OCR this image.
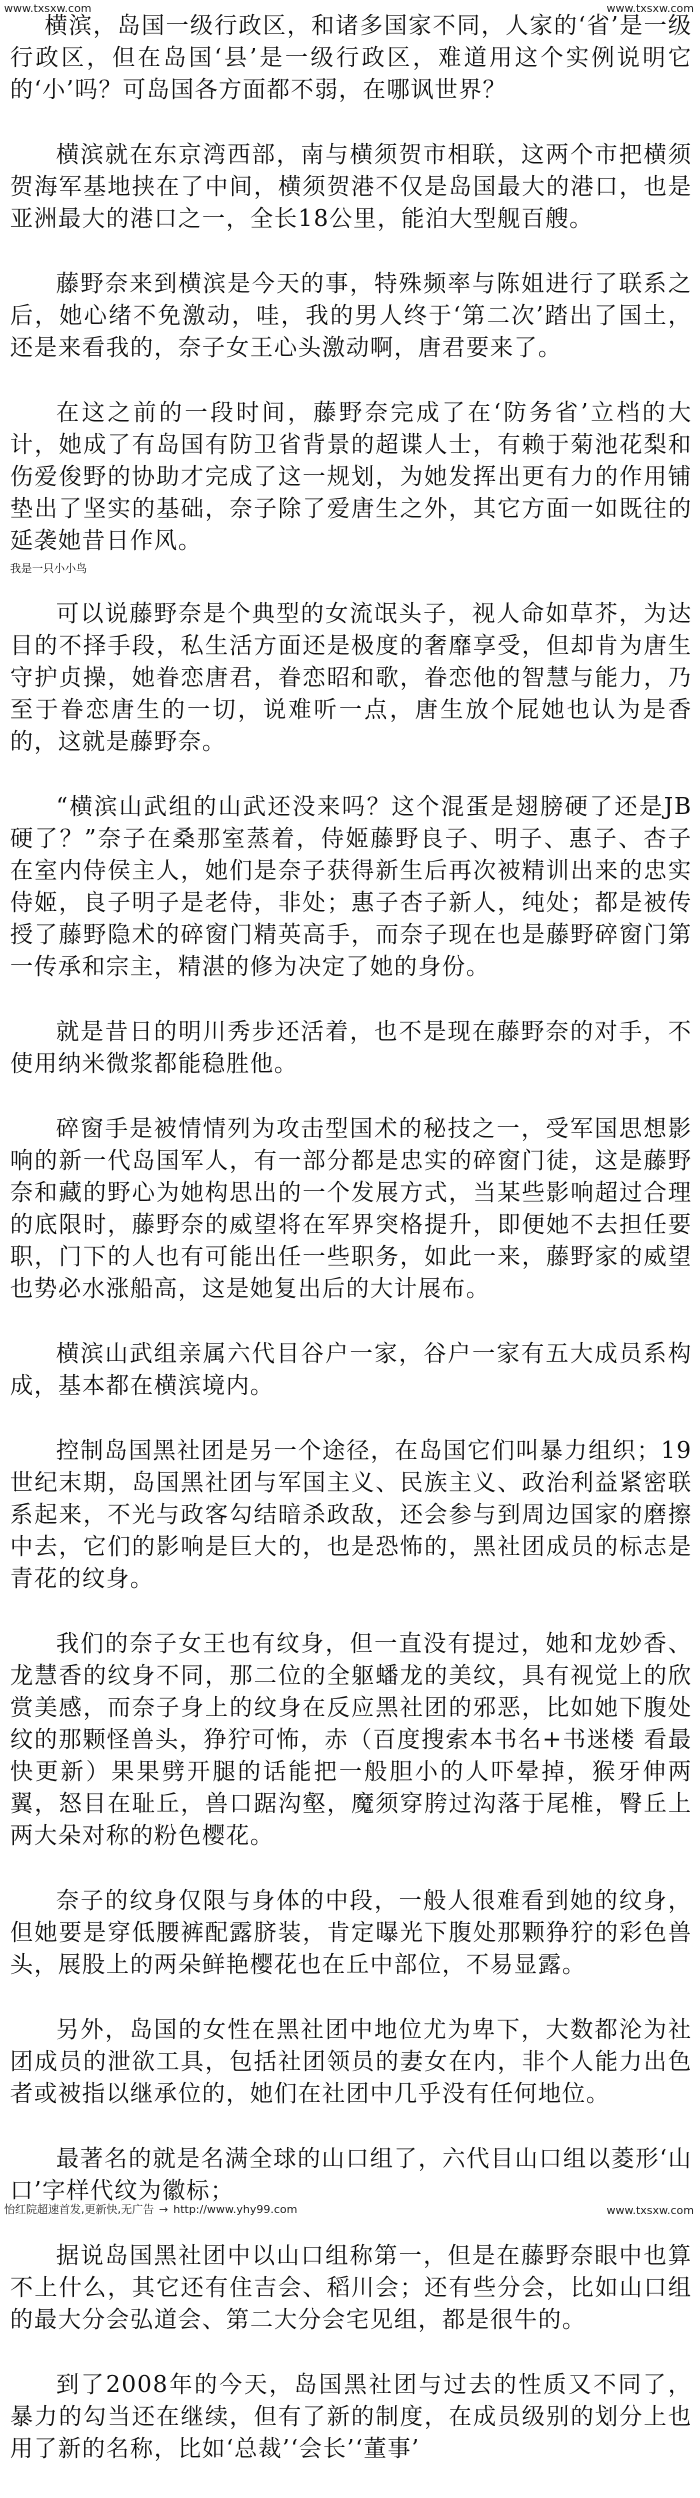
www.txsxw.com	www.txsxw.com

横滨，岛国一级行政区，和诸多国家不同，人家的‘省’是一级行政区，但在岛国‘县’是一级行政区，难道用这个实例说明它的‘小’吗？可岛国各方面都不弱，在哪讽世界？

横滨就在东京湾西部，南与横须贺市相联，这两个市把横须贺海军基地挟在了中间，横须贺港不仅是岛国最大的港口，也是亚洲最大的港口之一，全长18公里，能泊大型舰百艘。

藤野奈来到横滨是今天的事，特殊频率与陈姐进行了联系之后，她心绪不免激动，哇，我的男人终于‘第二次’踏出了国土，还是来看我的，奈子女王心头激动啊，唐君要来了。

在这之前的一段时间，藤野奈完成了在‘防务省’立档的大计，她成了有岛国有防卫省背景的超谍人士，有赖于菊池花梨和伤爱俊野的协助才完成了这一规划，为她发挥出更有力的作用铺垫出了坚实的基础，奈子除了爱唐生之外，其它方面一如既往的延袭她昔日作风。

我是一只小小鸟

可以说藤野奈是个典型的女流氓头子，视人命如草芥，为达目的不择手段，私生活方面还是极度的奢靡享受，但却肯为唐生守护贞操，她眷恋唐君，眷恋昭和歌，眷恋他的智慧与能力，乃至于眷恋唐生的一切，说难听一点，唐生放个屁她也认为是香的，这就是藤野奈。

“横滨山武组的山武还没来吗？这个混蛋是翅膀硬了还是JB硬了？”奈子在桑那室蒸着，侍姬藤野良子、明子、惠子、杏子在室内侍侯主人，她们是奈子获得新生后再次被精训出来的忠实侍姬，良子明子是老侍，非处；惠子杏子新人，纯处；都是被传授了藤野隐术的碎窗门精英高手，而奈子现在也是藤野碎窗门第一传承和宗主，精湛的修为决定了她的身份。

就是昔日的明川秀步还活着，也不是现在藤野奈的对手，不使用纳米微浆都能稳胜他。

碎窗手是被情情列为攻击型国术的秘技之一，受军国思想影响的新一代岛国军人，有一部分都是忠实的碎窗门徒，这是藤野奈和藏的野心为她构思出的一个发展方式，当某些影响超过合理的底限时，藤野奈的威望将在军界突格提升，即便她不去担任要职，门下的人也有可能出任一些职务，如此一来，藤野家的威望也势必水涨船高，这是她复出后的大计展布。

横滨山武组亲属六代目谷户一家，谷户一家有五大成员系构成，基本都在横滨境内。

控制岛国黑社团是另一个途径，在岛国它们叫暴力组织；19世纪末期，岛国黑社团与军国主义、民族主义、政治利益紧密联系起来，不光与政客勾结暗杀政敌，还会参与到周边国家的磨擦中去，它们的影响是巨大的，也是恐怖的，黑社团成员的标志是青花的纹身。

我们的奈子女王也有纹身，但一直没有提过，她和龙妙香、龙慧香的纹身不同，那二位的全躯蟠龙的美纹，具有视觉上的欣赏美感，而奈子身上的纹身在反应黑社团的邪恶，比如她下腹处纹的那颗怪兽头，狰狞可怖，赤（百度搜索本书名+书迷楼 看最快更新）果果劈开腿的话能把一般胆小的人吓晕掉，猴牙伸两翼，怒目在耻丘，兽口踞沟壑，魔须穿胯过沟落于尾椎，臀丘上两大朵对称的粉色樱花。

奈子的纹身仅限与身体的中段，一般人很难看到她的纹身，但她要是穿低腰裤配露脐装，肯定曝光下腹处那颗狰狞的彩色兽头，展股上的两朵鲜艳樱花也在丘中部位，不易显露。

另外，岛国的女性在黑社团中地位尤为卑下，大数都沦为社团成员的泄欲工具，包括社团领员的妻女在内，非个人能力出色者或被指以继承位的，她们在社团中几乎没有任何地位。

最著名的就是名满全球的山口组了，六代目山口组以菱形‘山口’字样代纹为徽标；

据说岛国黑社团中以山口组称第一，但是在藤野奈眼中也算不上什么，其它还有住吉会、稻川会；还有些分会，比如山口组的最大分会弘道会、第二大分会宅见组，都是很牛的。

到了2008年的今天，岛国黑社团与过去的性质又不同了，暴力的勾当还在继续，但有了新的制度，在成员级别的划分上也用了新的名称，比如‘总裁’‘会长’‘董事’

怡红院超速首发,更新快,无广告 → http://www.yhy99.com	www.txsxw.com
